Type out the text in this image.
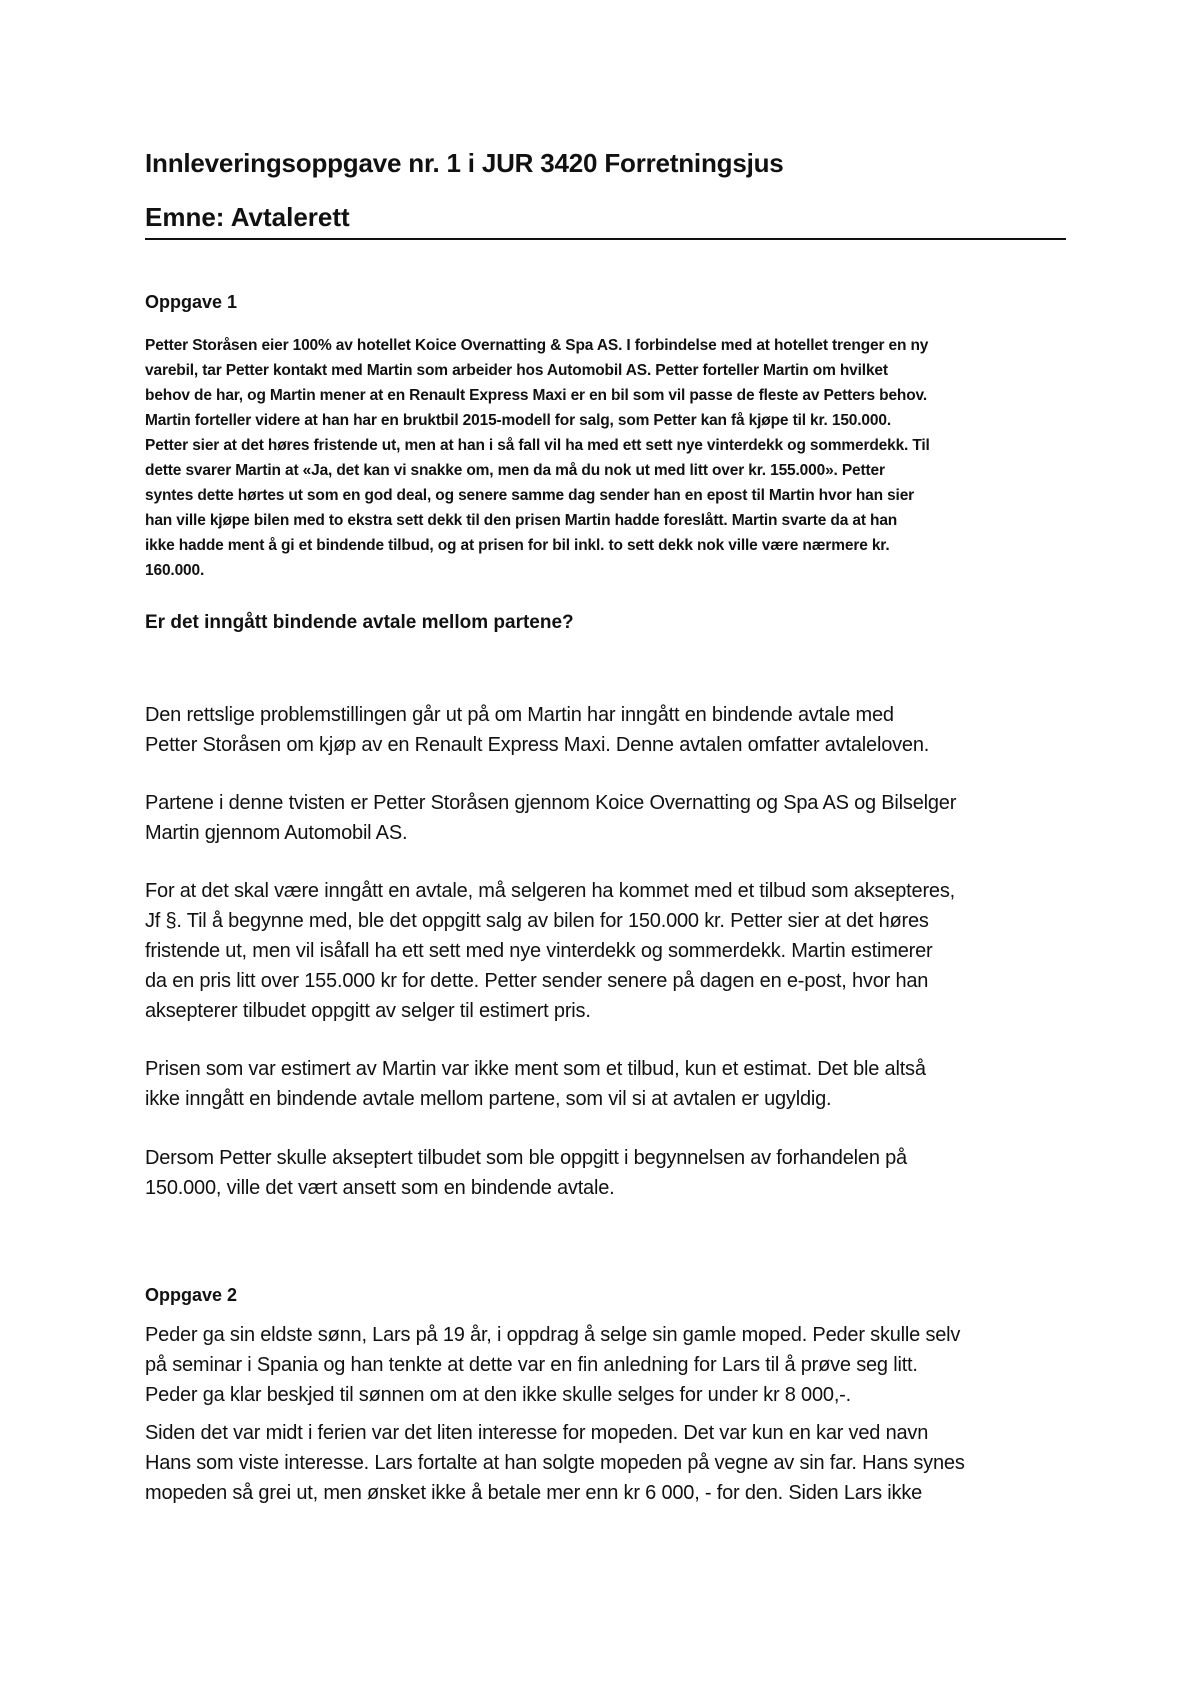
Innleveringsoppgave nr. 1 i JUR 3420 Forretningsjus
Emne: Avtalerett
Oppgave 1
Petter Storåsen eier 100% av hotellet Koice Overnatting & Spa AS. I forbindelse med at hotellet trenger en ny
varebil, tar Petter kontakt med Martin som arbeider hos Automobil AS. Petter forteller Martin om hvilket
behov de har, og Martin mener at en Renault Express Maxi er en bil som vil passe de fleste av Petters behov.
Martin forteller videre at han har en bruktbil 2015-modell for salg, som Petter kan få kjøpe til kr. 150.000.
Petter sier at det høres fristende ut, men at han i så fall vil ha med ett sett nye vinterdekk og sommerdekk. Til
dette svarer Martin at «Ja, det kan vi snakke om, men da må du nok ut med litt over kr. 155.000». Petter
syntes dette hørtes ut som en god deal, og senere samme dag sender han en epost til Martin hvor han sier
han ville kjøpe bilen med to ekstra sett dekk til den prisen Martin hadde foreslått. Martin svarte da at han
ikke hadde ment å gi et bindende tilbud, og at prisen for bil inkl. to sett dekk nok ville være nærmere kr.
160.000.
Er det inngått bindende avtale mellom partene?
Den rettslige problemstillingen går ut på om Martin har inngått en bindende avtale med
Petter Storåsen om kjøp av en Renault Express Maxi. Denne avtalen omfatter avtaleloven.
Partene i denne tvisten er Petter Storåsen gjennom Koice Overnatting og Spa AS og Bilselger
Martin gjennom Automobil AS.
For at det skal være inngått en avtale, må selgeren ha kommet med et tilbud som aksepteres,
Jf §. Til å begynne med, ble det oppgitt salg av bilen for 150.000 kr. Petter sier at det høres
fristende ut, men vil isåfall ha ett sett med nye vinterdekk og sommerdekk. Martin estimerer
da en pris litt over 155.000 kr for dette. Petter sender senere på dagen en e-post, hvor han
aksepterer tilbudet oppgitt av selger til estimert pris.
Prisen som var estimert av Martin var ikke ment som et tilbud, kun et estimat. Det ble altså
ikke inngått en bindende avtale mellom partene, som vil si at avtalen er ugyldig.
Dersom Petter skulle akseptert tilbudet som ble oppgitt i begynnelsen av forhandelen på
150.000, ville det vært ansett som en bindende avtale.
Oppgave 2
Peder ga sin eldste sønn, Lars på 19 år, i oppdrag å selge sin gamle moped. Peder skulle selv
på seminar i Spania og han tenkte at dette var en fin anledning for Lars til å prøve seg litt.
Peder ga klar beskjed til sønnen om at den ikke skulle selges for under kr 8 000,-.
Siden det var midt i ferien var det liten interesse for mopeden. Det var kun en kar ved navn
Hans som viste interesse. Lars fortalte at han solgte mopeden på vegne av sin far. Hans synes
mopeden så grei ut, men ønsket ikke å betale mer enn kr 6 000, - for den. Siden Lars ikke
